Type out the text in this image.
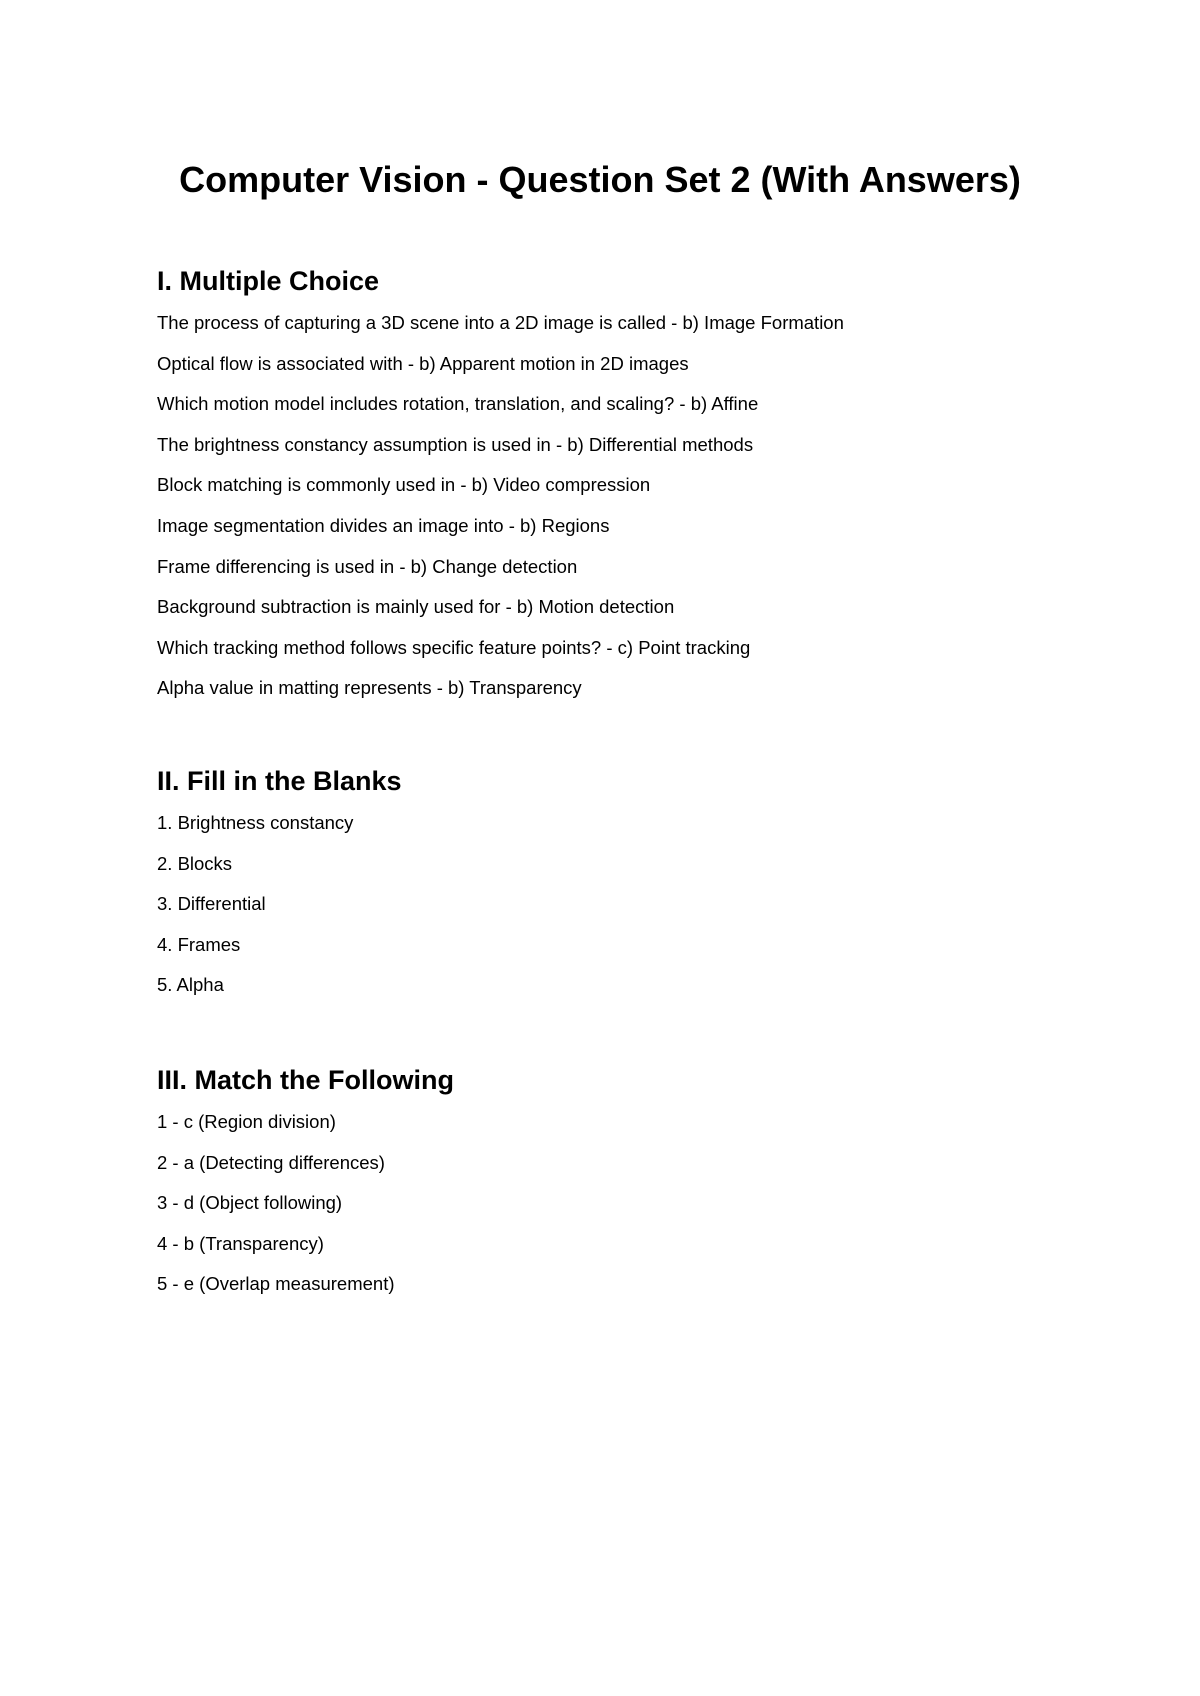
Computer Vision - Question Set 2 (With Answers)
I. Multiple Choice
The process of capturing a 3D scene into a 2D image is called - b) Image Formation
Optical flow is associated with - b) Apparent motion in 2D images
Which motion model includes rotation, translation, and scaling? - b) Affine
The brightness constancy assumption is used in - b) Differential methods
Block matching is commonly used in - b) Video compression
Image segmentation divides an image into - b) Regions
Frame differencing is used in - b) Change detection
Background subtraction is mainly used for - b) Motion detection
Which tracking method follows specific feature points? - c) Point tracking
Alpha value in matting represents - b) Transparency
II. Fill in the Blanks
1. Brightness constancy
2. Blocks
3. Differential
4. Frames
5. Alpha
III. Match the Following
1 - c (Region division)
2 - a (Detecting differences)
3 - d (Object following)
4 - b (Transparency)
5 - e (Overlap measurement)
